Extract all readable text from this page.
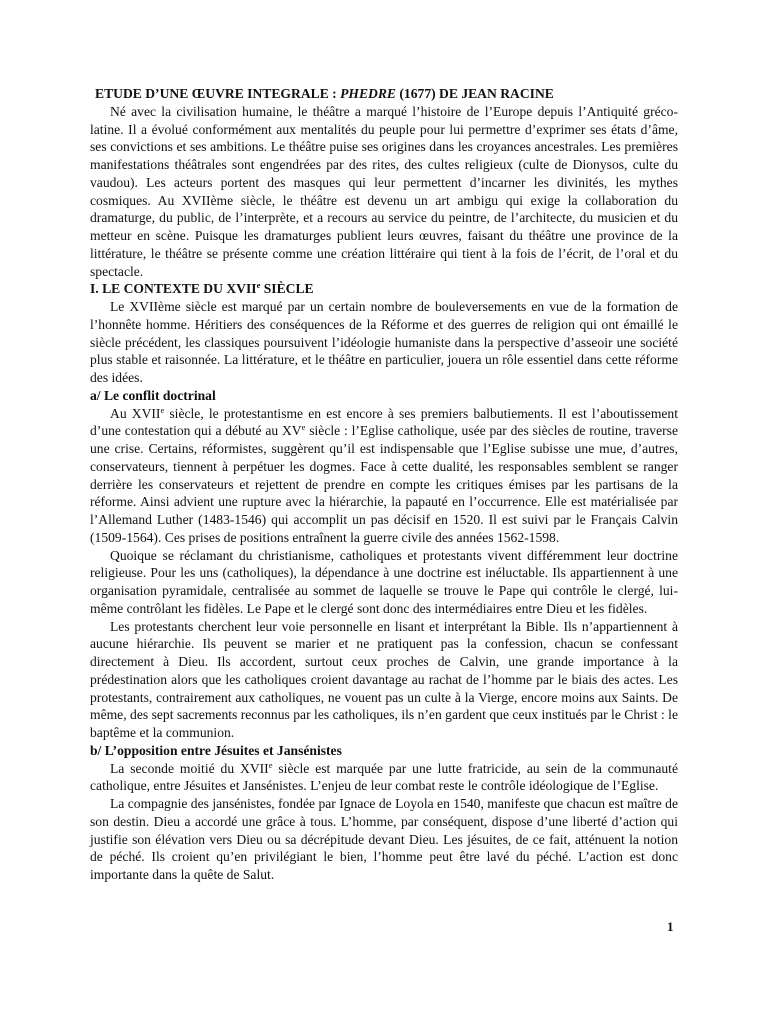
ETUDE D’UNE ŒUVRE INTEGRALE : PHEDRE (1677) DE JEAN RACINE

Né avec la civilisation humaine, le théâtre a marqué l’histoire de l’Europe depuis l’Antiquité gréco-latine. Il a évolué conformément aux mentalités du peuple pour lui permettre d’exprimer ses états d’âme, ses convictions et ses ambitions. Le théâtre puise ses origines dans les croyances ancestrales. Les premières manifestations théâtrales sont engendrées par des rites, des cultes religieux (culte de Dionysos, culte du vaudou). Les acteurs portent des masques qui leur permettent d’incarner les divinités, les mythes cosmiques. Au XVIIème siècle, le théâtre est devenu un art ambigu qui exige la collaboration du dramaturge, du public, de l’interprète, et a recours au service du peintre, de l’architecte, du musicien et du metteur en scène. Puisque les dramaturges publient leurs œuvres, faisant du théâtre une province de la littérature, le théâtre se présente comme une création littéraire qui tient à la fois de l’écrit, de l’oral et du spectacle.

I. LE CONTEXTE DU XVIIe SIÈCLE

Le XVIIème siècle est marqué par un certain nombre de bouleversements en vue de la formation de l’honnête homme. Héritiers des conséquences de la Réforme et des guerres de religion qui ont émaillé le siècle précédent, les classiques poursuivent l’idéologie humaniste dans la perspective d’asseoir une société plus stable et raisonnée. La littérature, et le théâtre en particulier, jouera un rôle essentiel dans cette réforme des idées.

a/ Le conflit doctrinal

Au XVIIe siècle, le protestantisme en est encore à ses premiers balbutiements. Il est l’aboutissement d’une contestation qui a débuté au XVe siècle : l’Eglise catholique, usée par des siècles de routine, traverse une crise. Certains, réformistes, suggèrent qu’il est indispensable que l’Eglise subisse une mue, d’autres, conservateurs, tiennent à perpétuer les dogmes. Face à cette dualité, les responsables semblent se ranger derrière les conservateurs et rejettent de prendre en compte les critiques émises par les partisans de la réforme. Ainsi advient une rupture avec la hiérarchie, la papauté en l’occurrence. Elle est matérialisée par l’Allemand Luther (1483-1546) qui accomplit un pas décisif en 1520. Il est suivi par le Français Calvin (1509-1564). Ces prises de positions entraînent la guerre civile des années 1562-1598.

Quoique se réclamant du christianisme, catholiques et protestants vivent différemment leur doctrine religieuse. Pour les uns (catholiques), la dépendance à une doctrine est inéluctable. Ils appartiennent à une organisation pyramidale, centralisée au sommet de laquelle se trouve le Pape qui contrôle le clergé, lui-même contrôlant les fidèles. Le Pape et le clergé sont donc des intermédiaires entre Dieu et les fidèles.

Les protestants cherchent leur voie personnelle en lisant et interprétant la Bible. Ils n’appartiennent à aucune hiérarchie. Ils peuvent se marier et ne pratiquent pas la confession, chacun se confessant directement à Dieu. Ils accordent, surtout ceux proches de Calvin, une grande importance à la prédestination alors que les catholiques croient davantage au rachat de l’homme par le biais des actes. Les protestants, contrairement aux catholiques, ne vouent pas un culte à la Vierge, encore moins aux Saints. De même, des sept sacrements reconnus par les catholiques, ils n’en gardent que ceux institués par le Christ : le baptême et la communion.

b/ L’opposition entre Jésuites et Jansénistes

La seconde moitié du XVIIe siècle est marquée par une lutte fratricide, au sein de la communauté catholique, entre Jésuites et Jansénistes. L’enjeu de leur combat reste le contrôle idéologique de l’Eglise.

La compagnie des jansénistes, fondée par Ignace de Loyola en 1540, manifeste que chacun est maître de son destin. Dieu a accordé une grâce à tous. L’homme, par conséquent, dispose d’une liberté d’action qui justifie son élévation vers Dieu ou sa décrépitude devant Dieu. Les jésuites, de ce fait, atténuent la notion de péché. Ils croient qu’en privilégiant le bien, l’homme peut être lavé du péché. L’action est donc importante dans la quête de Salut.

1
